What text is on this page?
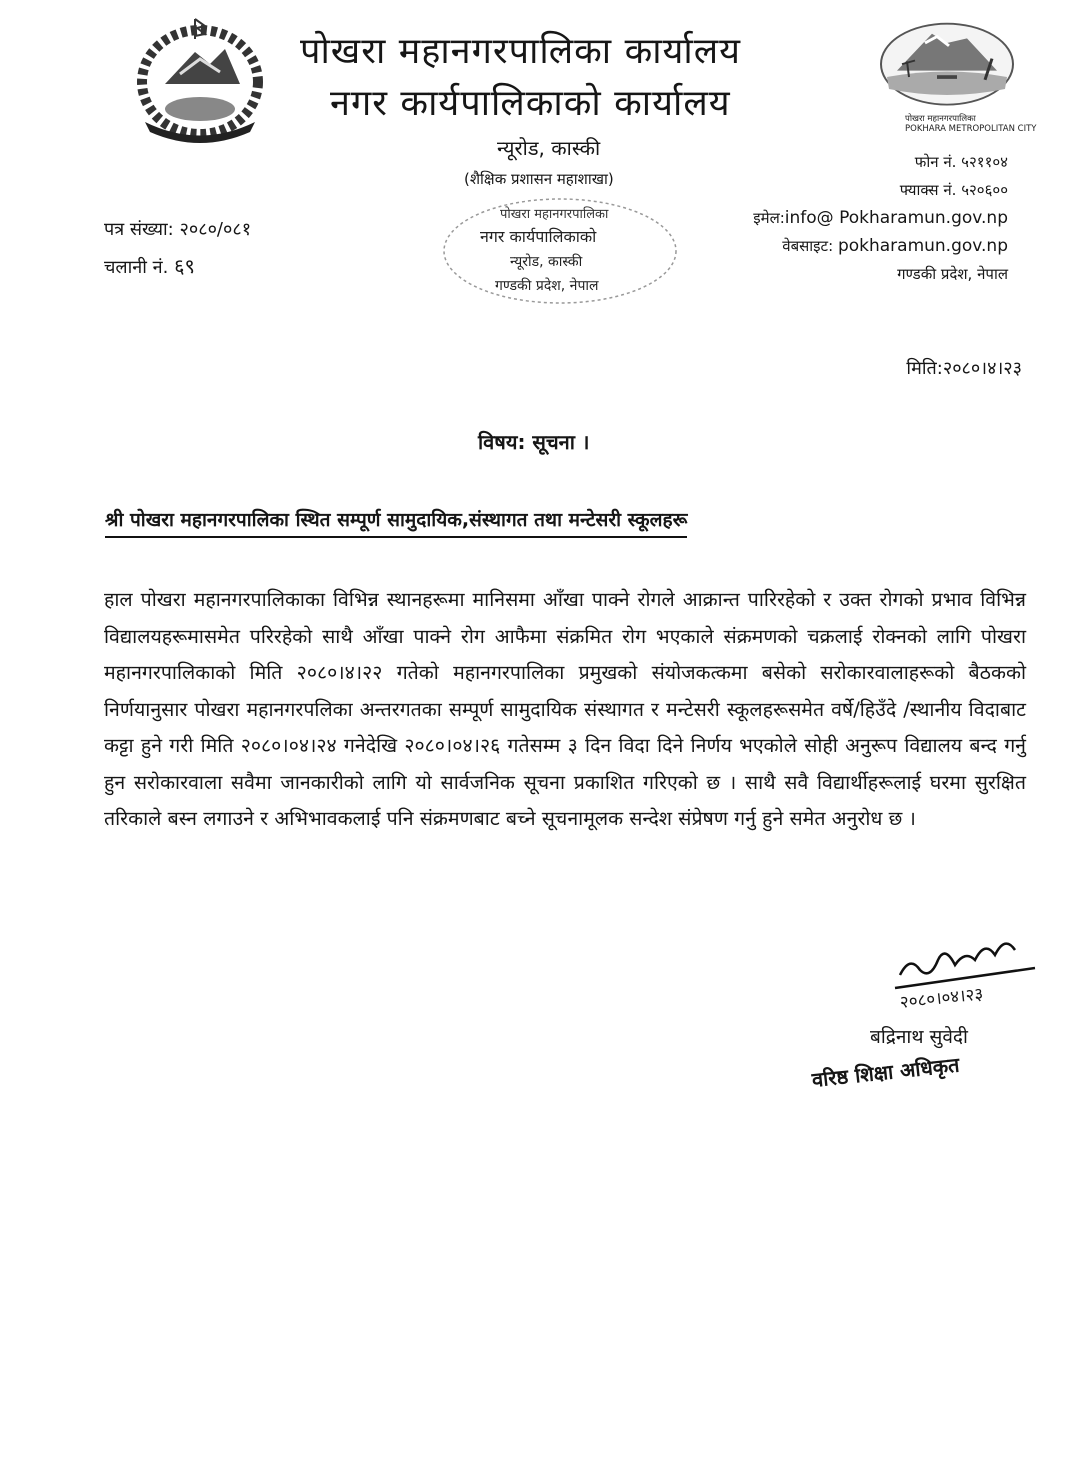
पोखरा महानगरपालिका
POKHARA METROPOLITAN CITY
पोखरा महानगरपालिका
नगर कार्यपालिकाको
न्यूरोड, कास्की
गण्डकी प्रदेश, नेपाल
पोखरा महानगरपालिका कार्यालय
नगर कार्यपालिकाको कार्यालय
न्यूरोड, कास्की
(शैक्षिक प्रशासन महाशाखा)
फोन नं. ५२११०४
फ्याक्स नं. ५२०६००
इमेल:info@ Pokharamun.gov.np
वेबसाइट: pokharamun.gov.np
गण्डकी प्रदेश, नेपाल
पत्र संख्या: २०८०/०८१
चलानी नं. ६९
मिति:२०८०।४।२३
विषय: सूचना ।
श्री पोखरा महानगरपालिका स्थित सम्पूर्ण सामुदायिक,संस्थागत तथा मन्टेसरी स्कूलहरू
हाल पोखरा महानगरपालिकाका विभिन्न स्थानहरूमा मानिसमा आँखा पाक्ने रोगले आक्रान्त पारिरहेको र उक्त रोगको प्रभाव विभिन्न विद्यालयहरूमासमेत परिरहेको साथै आँखा पाक्ने रोग आफैमा संक्रमित रोग भएकाले संक्रमणको चक्रलाई रोक्नको लागि पोखरा महानगरपालिकाको मिति २०८०।४।२२ गतेको महानगरपालिका प्रमुखको संयोजकत्कमा बसेको सरोकारवालाहरूको बैठकको निर्णयानुसार पोखरा महानगरपलिका अन्तरगतका सम्पूर्ण सामुदायिक संस्थागत र मन्टेसरी स्कूलहरूसमेत वर्षे/हिउँदे /स्थानीय विदाबाट कट्टा हुने गरी मिति २०८०।०४।२४ गनेदेखि २०८०।०४।२६ गतेसम्म ३ दिन विदा दिने निर्णय भएकोले सोही अनुरूप विद्यालय बन्द गर्नु हुन सरोकारवाला सवैमा जानकारीको लागि यो सार्वजनिक सूचना प्रकाशित गरिएको छ । साथै सवै विद्यार्थीहरूलाई घरमा सुरक्षित तरिकाले बस्न लगाउने र अभिभावकलाई पनि संक्रमणबाट बच्ने सूचनामूलक सन्देश संप्रेषण गर्नु हुने समेत अनुरोध छ ।
२०८०।०४।२३
बद्रिनाथ सुवेदी
वरिष्ठ शिक्षा अधिकृत
